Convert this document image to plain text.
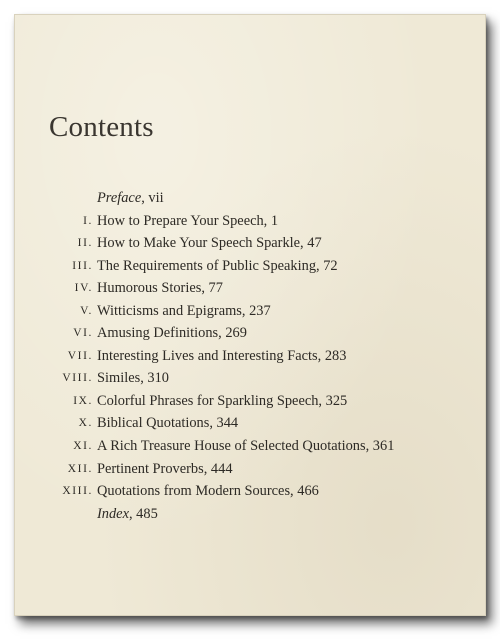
Contents
Preface, vii
I. How to Prepare Your Speech, 1
II. How to Make Your Speech Sparkle, 47
III. The Requirements of Public Speaking, 72
IV. Humorous Stories, 77
V. Witticisms and Epigrams, 237
VI. Amusing Definitions, 269
VII. Interesting Lives and Interesting Facts, 283
VIII. Similes, 310
IX. Colorful Phrases for Sparkling Speech, 325
X. Biblical Quotations, 344
XI. A Rich Treasure House of Selected Quotations, 361
XII. Pertinent Proverbs, 444
XIII. Quotations from Modern Sources, 466
Index, 485
